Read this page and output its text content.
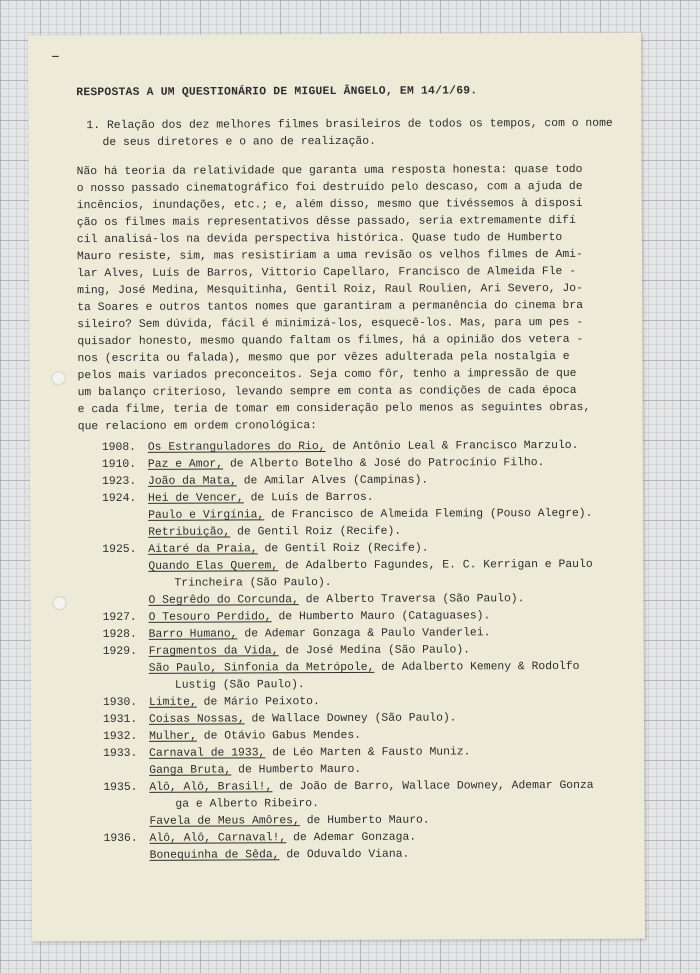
—
RESPOSTAS A UM QUESTIONÁRIO DE MIGUEL ÂNGELO, EM 14/1/69.
1. Relação dos dez melhores filmes brasileiros de todos os tempos, com o nome de seus diretores e o ano de realização.

Não há teoria da relatividade que garanta uma resposta honesta: quase todo

o nosso passado cinematográfico foi destruído pelo descaso, com a ajuda de

incêncios, inundações, etc.; e, além disso, mesmo que tivéssemos à disposi

ção os filmes mais representativos dêsse passado, seria extremamente difí

cil analisá-los na devida perspectiva histórica. Quase tudo de Humberto

Mauro resiste, sim, mas resistiriam a uma revisão os velhos filmes de Ami-

lar Alves, Luís de Barros, Vittorio Capellaro, Francisco de Almeida Fle -

ming, José Medina, Mesquitinha, Gentil Roiz, Raul Roulien, Ari Severo, Jo-

ta Soares e outros tantos nomes que garantiram a permanência do cinema bra

sileiro? Sem dúvida, fácil é minimizá-los, esquecê-los. Mas, para um pes -

quisador honesto, mesmo quando faltam os filmes, há a opinião dos vetera -

nos (escrita ou falada), mesmo que por vêzes adulterada pela nostalgia e

pelos mais variados preconceitos. Seja como fôr, tenho a impressão de que

um balanço criterioso, levando sempre em conta as condições de cada época

e cada filme, teria de tomar em consideração pelo menos as seguintes obras,

que relaciono em ordem cronológica:

1908.	Os Estranguladores do Rio, de Antônio Leal & Francisco Marzulo.
1910.	Paz e Amor, de Alberto Botelho & José do Patrocínio Filho.
1923.	João da Mata, de Amilar Alves (Campinas).
1924.	Hei de Vencer, de Luís de Barros.
Paulo e Virgínia, de Francisco de Almeida Fleming (Pouso Alegre).
Retribuição, de Gentil Roiz (Recife).
1925.	Aitaré da Praia, de Gentil Roiz (Recife).
Quando Elas Querem, de Adalberto Fagundes, E. C. Kerrigan e Paulo
Trincheira (São Paulo).
O Segrêdo do Corcunda, de Alberto Traversa (São Paulo).
1927.	O Tesouro Perdido, de Humberto Mauro (Cataguases).
1928.	Barro Humano, de Ademar Gonzaga & Paulo Vanderlei.
1929.	Fragmentos da Vida, de José Medina (São Paulo).
São Paulo, Sinfonia da Metrópole, de Adalberto Kemeny & Rodolfo
Lustig (São Paulo).
1930.	Limite, de Mário Peixoto.
1931.	Coisas Nossas, de Wallace Downey (São Paulo).
1932.	Mulher, de Otávio Gabus Mendes.
1933.	Carnaval de 1933, de Léo Marten & Fausto Muniz.
Ganga Bruta, de Humberto Mauro.
1935.	Alô, Alô, Brasil!, de João de Barro, Wallace Downey, Ademar Gonza
ga e Alberto Ribeiro.
Favela de Meus Amôres, de Humberto Mauro.
1936.	Alô, Alô, Carnaval!, de Ademar Gonzaga.
Bonequinha de Sêda, de Oduvaldo Viana.
